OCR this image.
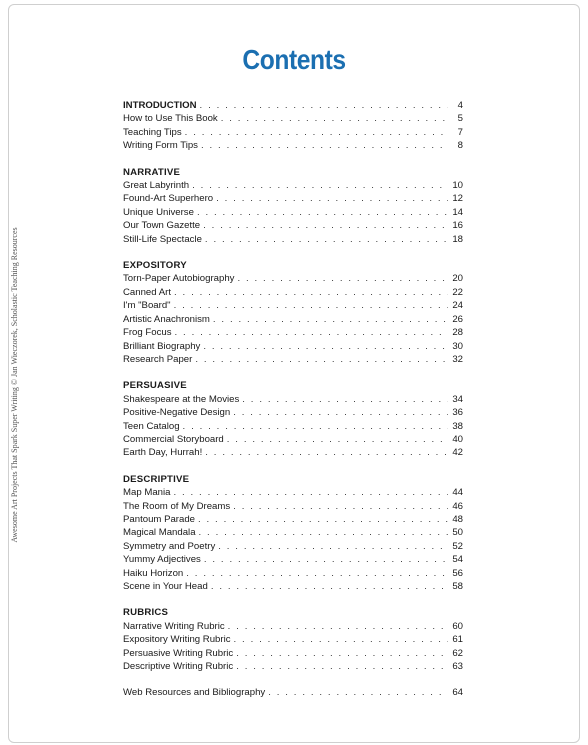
Awesome Art Projects That Spark Super Writing © Jan Wieczorek, Scholastic Teaching Resources
Contents
INTRODUCTION . . .	4
How to Use This Book . . .	5
Teaching Tips . . .	7
Writing Form Tips . . .	8
NARRATIVE
Great Labyrinth . . .	10
Found-Art Superhero . . .	12
Unique Universe . . .	14
Our Town Gazette . . .	16
Still-Life Spectacle . . .	18
EXPOSITORY
Torn-Paper Autobiography . . .	20
Canned Art . . .	22
I'm "Board" . . .	24
Artistic Anachronism . . .	26
Frog Focus . . .	28
Brilliant Biography . . .	30
Research Paper . . .	32
PERSUASIVE
Shakespeare at the Movies . . .	34
Positive-Negative Design . . .	36
Teen Catalog . . .	38
Commercial Storyboard . . .	40
Earth Day, Hurrah! . . .	42
DESCRIPTIVE
Map Mania . . .	44
The Room of My Dreams . . .	46
Pantoum Parade . . .	48
Magical Mandala . . .	50
Symmetry and Poetry . . .	52
Yummy Adjectives . . .	54
Haiku Horizon . . .	56
Scene in Your Head . . .	58
RUBRICS
Narrative Writing Rubric . . .	60
Expository Writing Rubric . . .	61
Persuasive Writing Rubric . . .	62
Descriptive Writing Rubric . . .	63
Web Resources and Bibliography . . .	64
